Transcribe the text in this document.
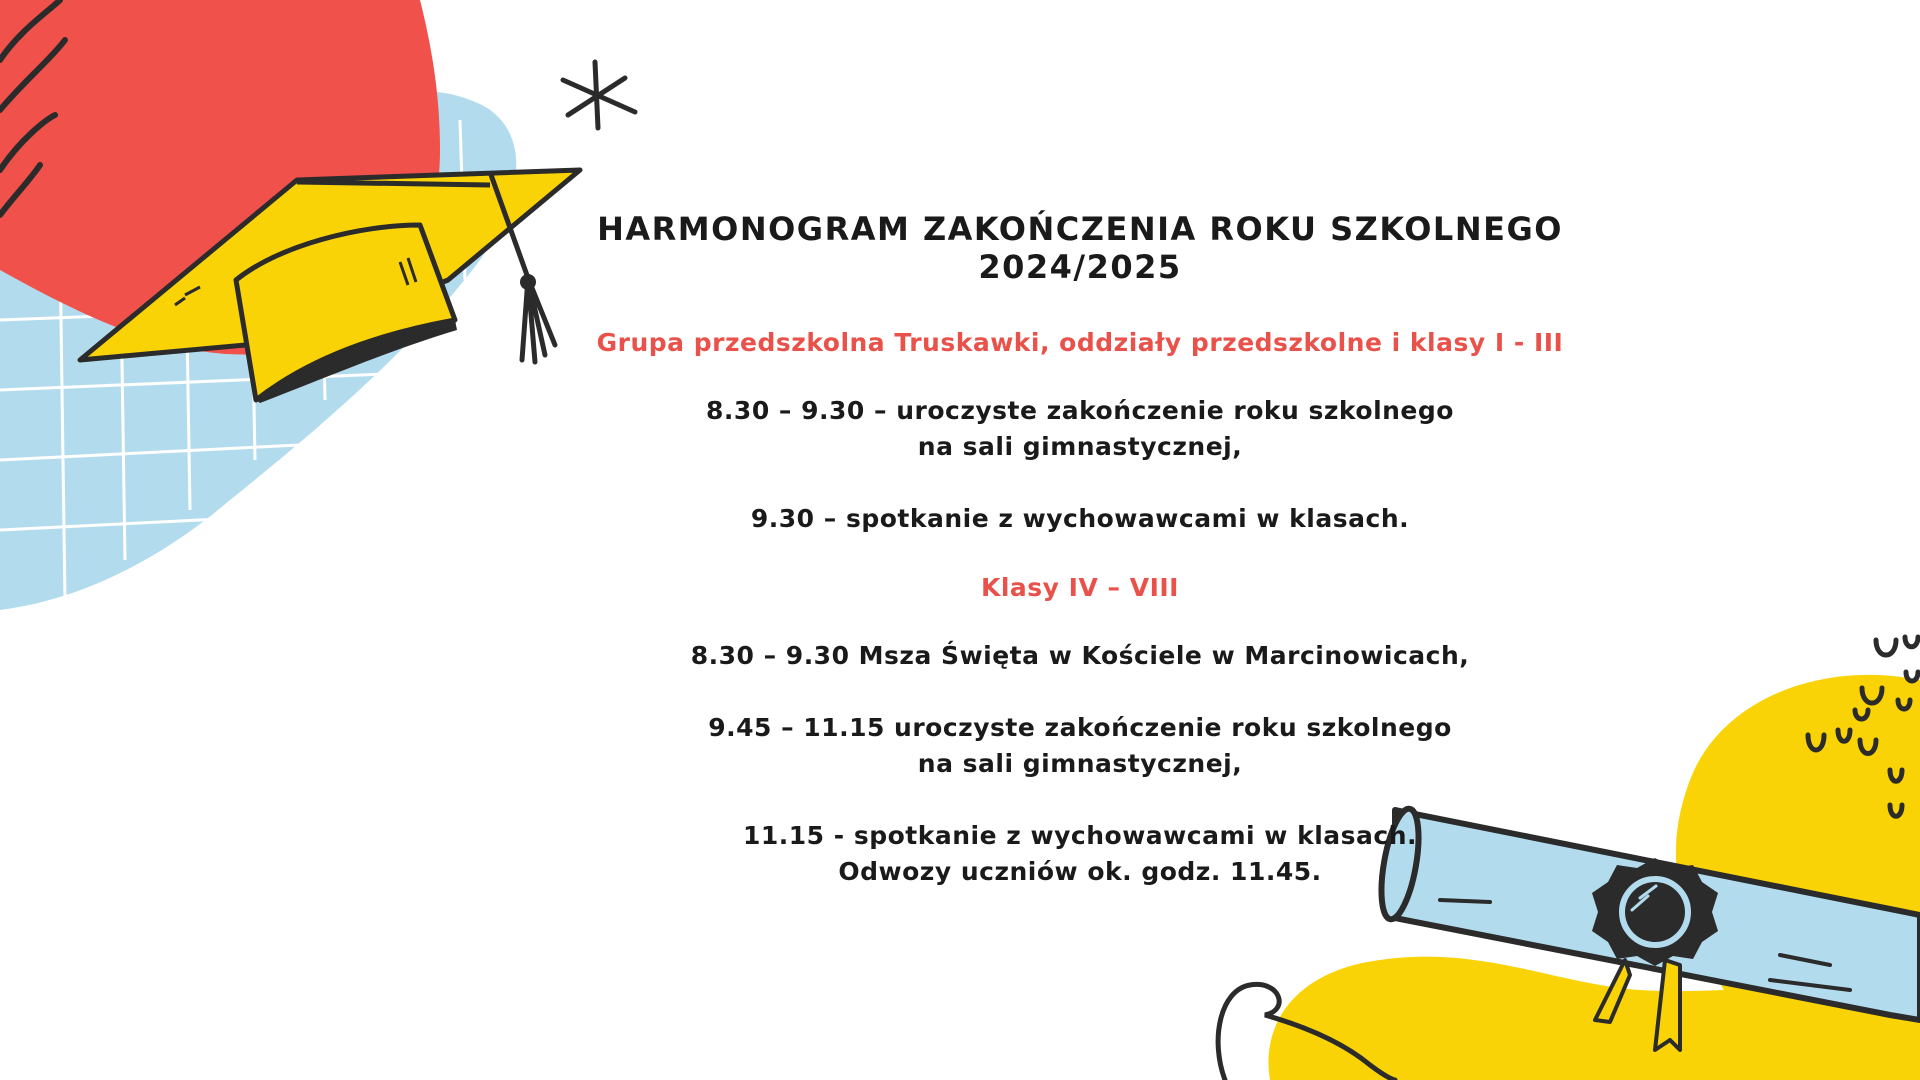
HARMONOGRAM ZAKOŃCZENIA ROKU SZKOLNEGO 2024/2025
Grupa przedszkolna Truskawki, oddziały przedszkolne i klasy I - III
8.30 – 9.30 – uroczyste zakończenie roku szkolnego
na sali gimnastycznej,
9.30 – spotkanie z wychowawcami w klasach.
Klasy IV – VIII
8.30 – 9.30 Msza Święta w Kościele w Marcinowicach,
9.45 – 11.15 uroczyste zakończenie roku szkolnego
na sali gimnastycznej,
11.15 - spotkanie z wychowawcami w klasach.
Odwozy uczniów ok. godz. 11.45.
